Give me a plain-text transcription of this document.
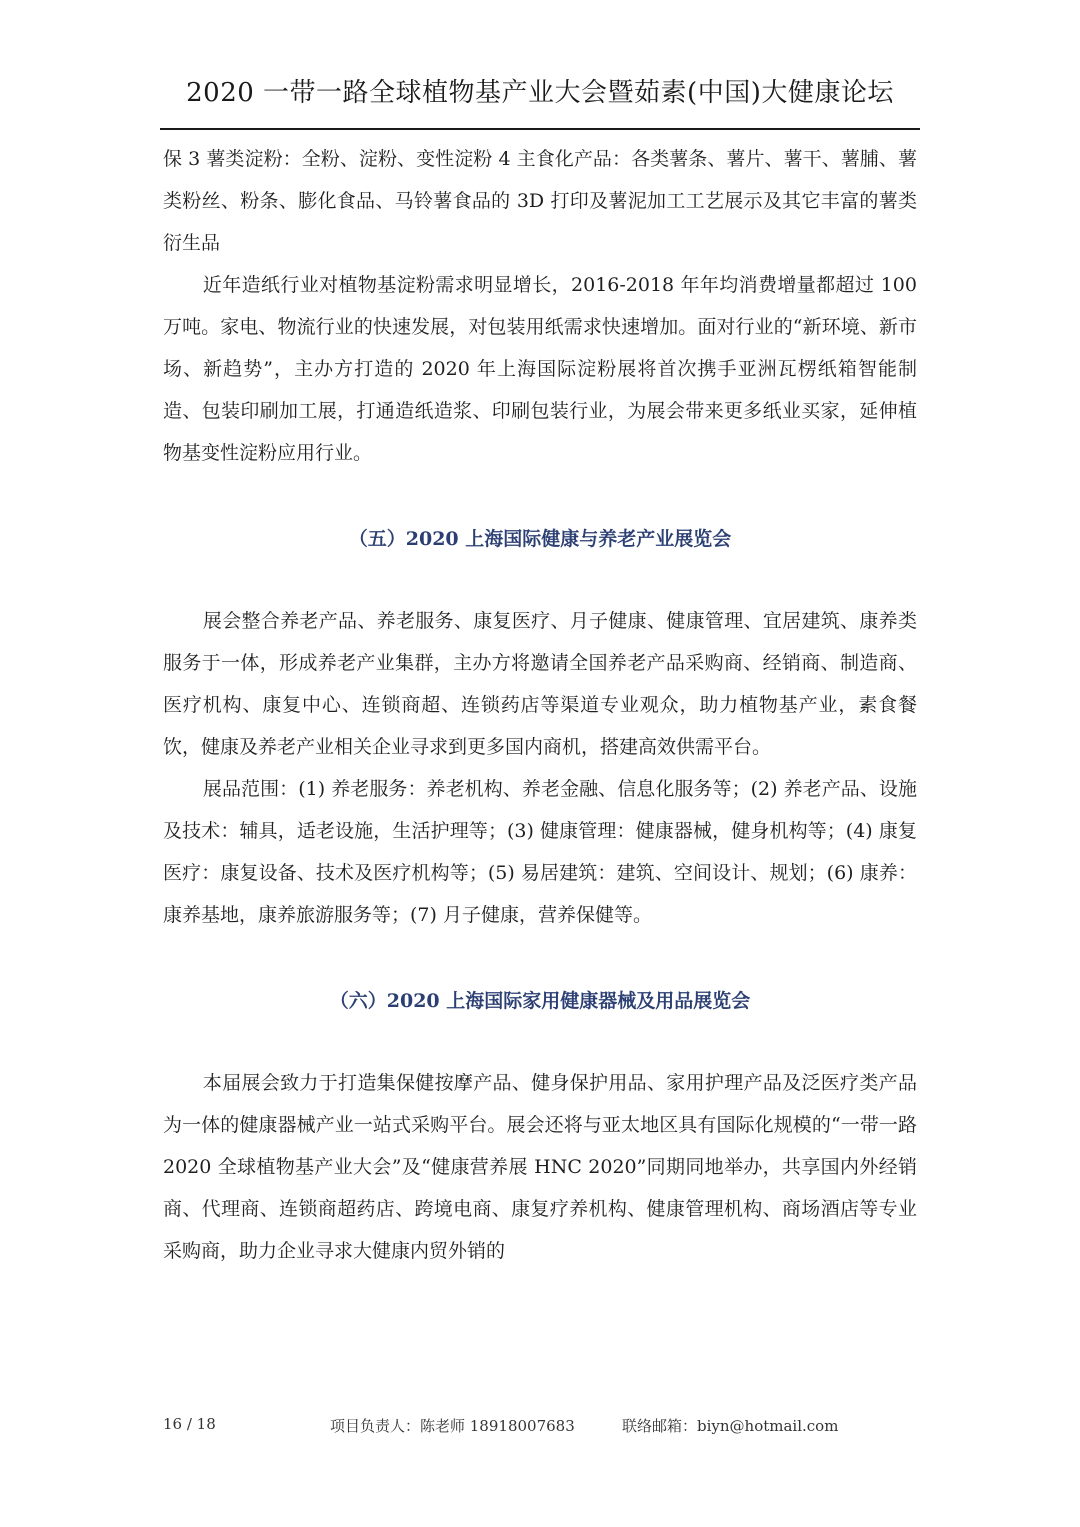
2020 一带一路全球植物基产业大会暨茹素(中国)大健康论坛

保 3 薯类淀粉：全粉、淀粉、变性淀粉 4 主食化产品：各类薯条、薯片、薯干、薯脯、薯类粉丝、粉条、膨化食品、马铃薯食品的 3D 打印及薯泥加工工艺展示及其它丰富的薯类衍生品

近年造纸行业对植物基淀粉需求明显增长，2016-2018 年年均消费增量都超过 100 万吨。家电、物流行业的快速发展，对包装用纸需求快速增加。面对行业的“新环境、新市场、新趋势”，主办方打造的 2020 年上海国际淀粉展将首次携手亚洲瓦楞纸箱智能制造、包装印刷加工展，打通造纸造浆、印刷包装行业，为展会带来更多纸业买家，延伸植物基变性淀粉应用行业。

（五）2020 上海国际健康与养老产业展览会

展会整合养老产品、养老服务、康复医疗、月子健康、健康管理、宜居建筑、康养类服务于一体，形成养老产业集群，主办方将邀请全国养老产品采购商、经销商、制造商、医疗机构、康复中心、连锁商超、连锁药店等渠道专业观众，助力植物基产业，素食餐饮，健康及养老产业相关企业寻求到更多国内商机，搭建高效供需平台。

展品范围：(1) 养老服务：养老机构、养老金融、信息化服务等；(2) 养老产品、设施及技术：辅具，适老设施，生活护理等；(3) 健康管理：健康器械，健身机构等；(4) 康复医疗：康复设备、技术及医疗机构等；(5) 易居建筑：建筑、空间设计、规划；(6) 康养：康养基地，康养旅游服务等；(7) 月子健康，营养保健等。

（六）2020 上海国际家用健康器械及用品展览会

本届展会致力于打造集保健按摩产品、健身保护用品、家用护理产品及泛医疗类产品为一体的健康器械产业一站式采购平台。展会还将与亚太地区具有国际化规模的“一带一路 2020 全球植物基产业大会”及“健康营养展 HNC 2020”同期同地举办，共享国内外经销商、代理商、连锁商超药店、跨境电商、康复疗养机构、健康管理机构、商场酒店等专业采购商，助力企业寻求大健康内贸外销的

16 / 18	项目负责人：陈老师 18918007683	联络邮箱：biyn@hotmail.com
